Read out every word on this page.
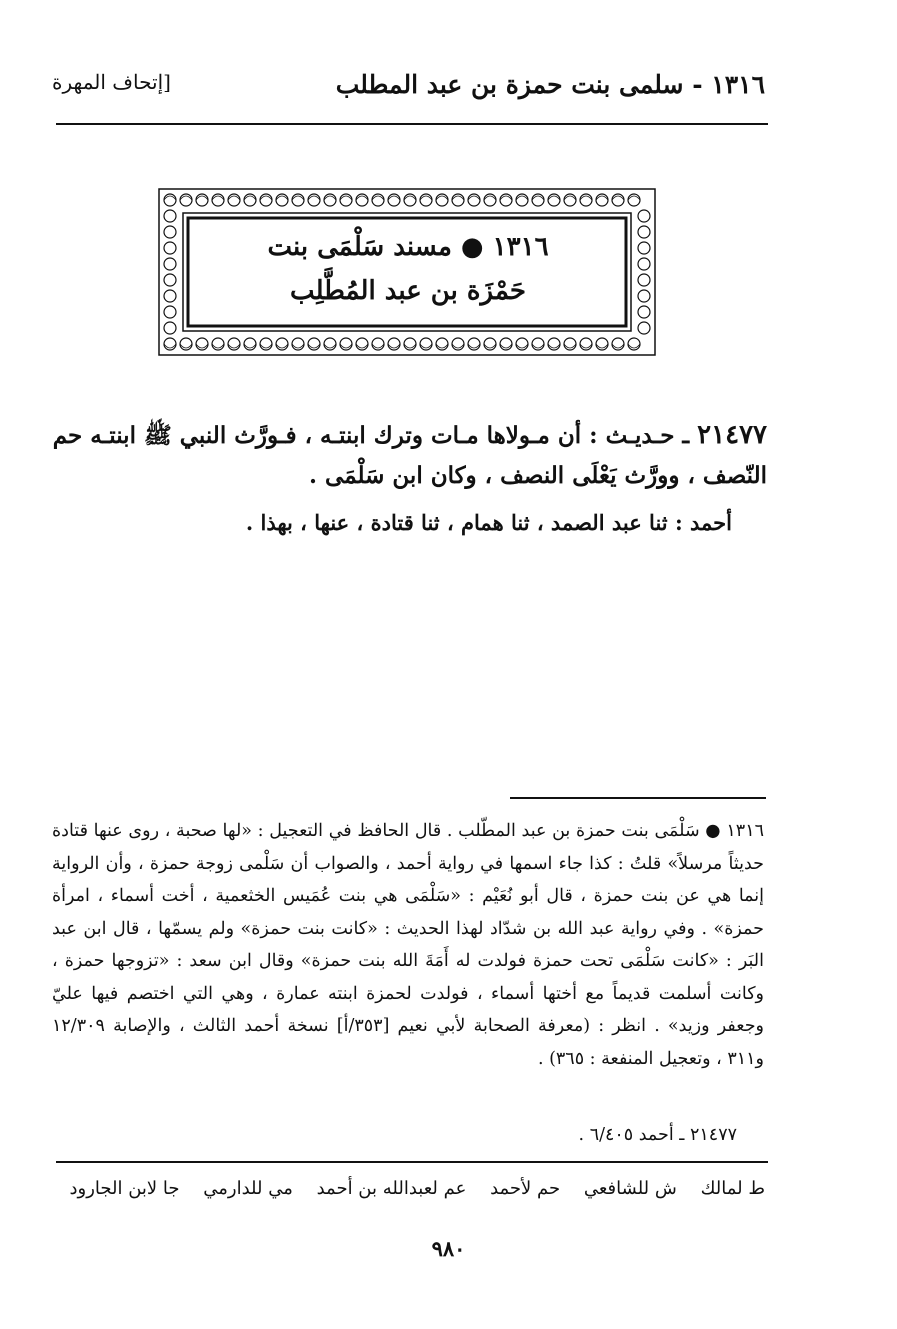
١٣١٦ - سلمى بنت حمزة بن عبد المطلب
[إتحاف المهرة
١٣١٦ ● مسند سَلْمَى بنت
حَمْزَة بن عبد المُطَّلِب
٢١٤٧٧ ـ حـديـث : أن مـولاها مـات وترك ابنتـه ، فـورَّث النبي ﷺ ابنتـه حم النّصف ، وورَّث يَعْلَى النصف ، وكان ابن سَلْمَى .
أحمد : ثنا عبد الصمد ، ثنا همام ، ثنا قتادة ، عنها ، بهذا .

١٣١٦ ● سَلْمَى بنت حمزة بن عبد المطّلب . قال الحافظ في التعجيل : «لها صحبة ، روى عنها قتادة حديثاً مرسلاً» قلتُ : كذا جاء اسمها في رواية أحمد ، والصواب أن سَلْمى زوجة حمزة ، وأن الرواية إنما هي عن بنت حمزة ، قال أبو نُعَيْم : «سَلْمَى هي بنت عُمَيس الخثعمية ، أخت أسماء ، امرأة حمزة» . وفي رواية عبد الله بن شدّاد لهذا الحديث : «كانت بنت حمزة» ولم يسمّها ، قال ابن عبد البَر : «كانت سَلْمَى تحت حمزة فولدت له أَمَةَ الله بنت حمزة» وقال ابن سعد : «تزوجها حمزة ، وكانت أسلمت قديماً مع أختها أسماء ، فولدت لحمزة ابنته عمارة ، وهي التي اختصم فيها عليّ وجعفر وزيد» . انظر : (معرفة الصحابة لأبي نعيم [٣٥٣/أ] نسخة أحمد الثالث ، والإصابة ١٢/٣٠٩ و٣١١ ، وتعجيل المنفعة : ٣٦٥) .

٢١٤٧٧ ـ أحمد ٦/٤٠٥ .
ط لمالك ش للشافعي حم لأحمد عم لعبدالله بن أحمد مي للدارمي جا لابن الجارود
٩٨٠
